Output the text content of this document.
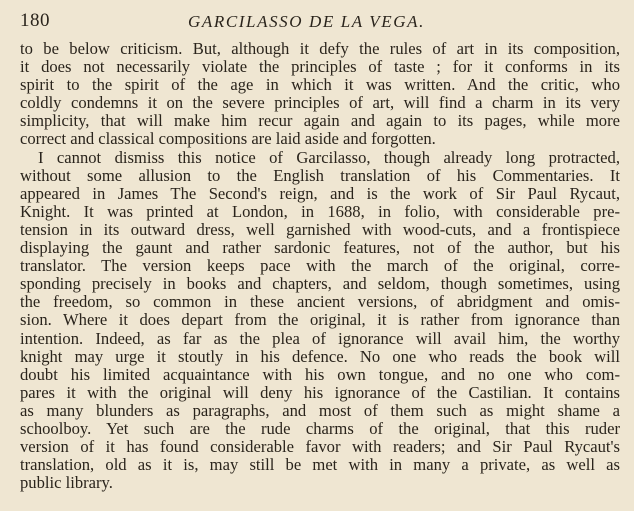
180	GARCILASSO DE LA VEGA.
to be below criticism. But, although it defy the rules of art in its composition,
it does not necessarily violate the principles of taste ; for it conforms in its
spirit to the spirit of the age in which it was written. And the critic, who
coldly condemns it on the severe principles of art, will find a charm in its very
simplicity, that will make him recur again and again to its pages, while more
correct and classical compositions are laid aside and forgotten.
I cannot dismiss this notice of Garcilasso, though already long protracted,
without some allusion to the English translation of his Commentaries. It
appeared in James The Second's reign, and is the work of Sir Paul Rycaut,
Knight. It was printed at London, in 1688, in folio, with considerable pre-
tension in its outward dress, well garnished with wood-cuts, and a frontispiece
displaying the gaunt and rather sardonic features, not of the author, but his
translator. The version keeps pace with the march of the original, corre-
sponding precisely in books and chapters, and seldom, though sometimes, using
the freedom, so common in these ancient versions, of abridgment and omis-
sion. Where it does depart from the original, it is rather from ignorance than
intention. Indeed, as far as the plea of ignorance will avail him, the worthy
knight may urge it stoutly in his defence. No one who reads the book will
doubt his limited acquaintance with his own tongue, and no one who com-
pares it with the original will deny his ignorance of the Castilian. It contains
as many blunders as paragraphs, and most of them such as might shame a
schoolboy. Yet such are the rude charms of the original, that this ruder
version of it has found considerable favor with readers; and Sir Paul Rycaut's
translation, old as it is, may still be met with in many a private, as well as
public library.
